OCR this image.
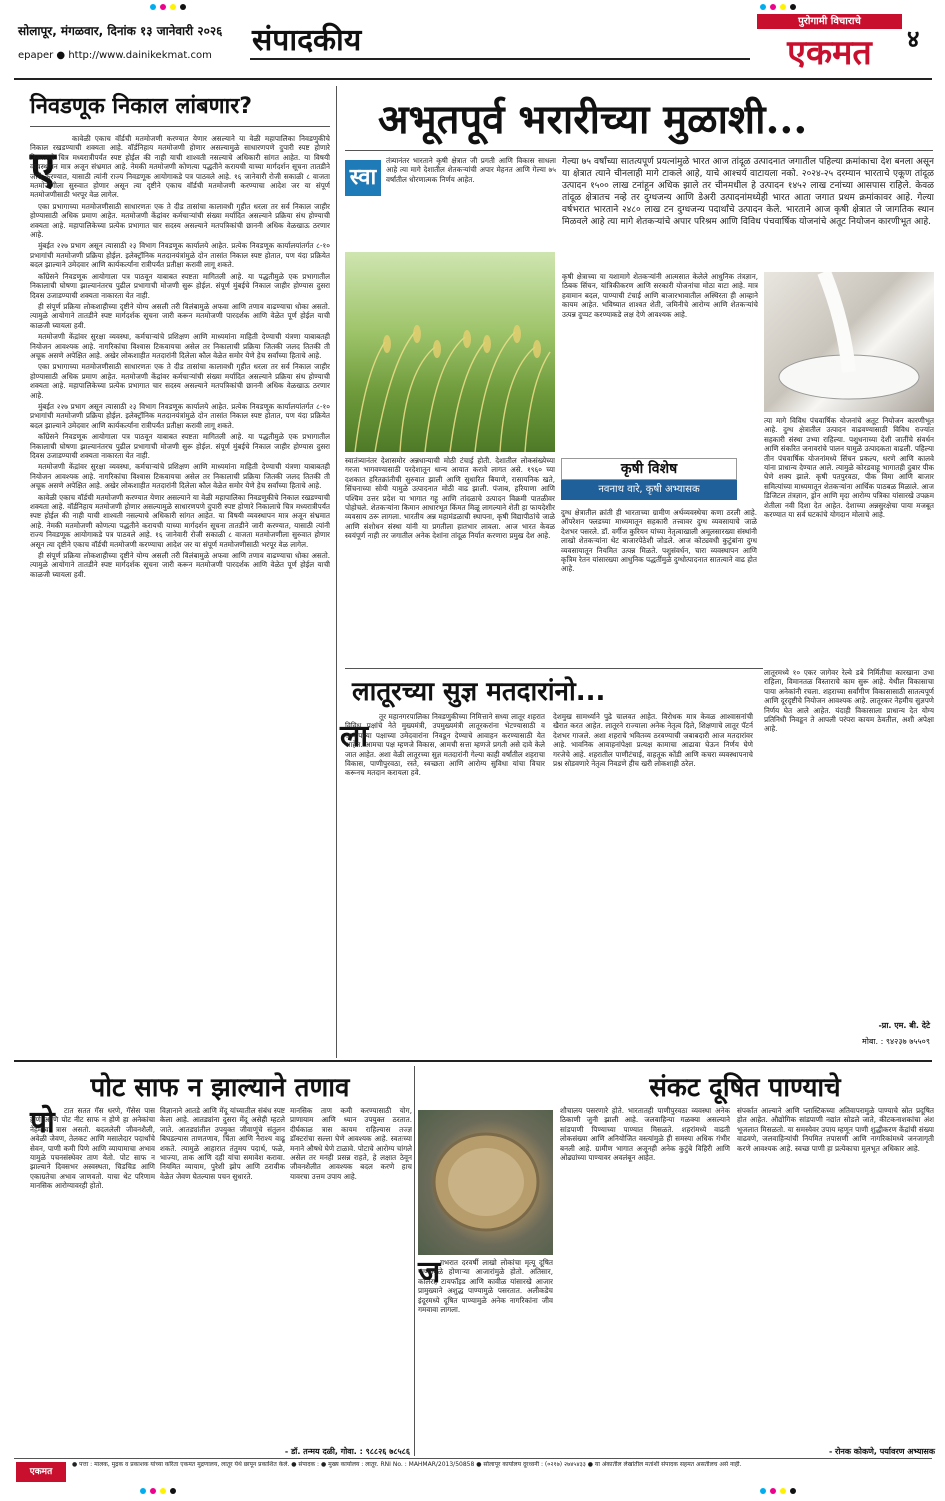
सोलापूर, मंगळवार, दिनांक १३ जानेवारी २०२६
epaper ● http://www.dainikekmat.com संपादकीय
पुरोगामी विचाराचे
एकमत	४
निवडणूक निकाल लांबणार?
ए

कावेळी एकाच वॉर्डची मतमोजणी करण्यात येणार असल्याने या वेळी महापालिका निवडणुकीचे निकाल रखडण्याची शक्यता आहे. वॉर्डनिहाय मतमोजणी होणार असल्यामुळे साधारणपणे दुपारी स्पष्ट होणारे निकालाचे चित्र मध्यरात्रीपर्यंत स्पष्ट होईल की नाही याची शाश्वती नसल्याचे अधिकारी सांगत आहेत. या विषयी व्यवस्थापन मात्र अजून संभ्रमात आहे. नेमकी मतमोजणी कोणत्या पद्धतीने करायची याच्या मार्गदर्शन सूचना तातडीने जारी करण्यात, यासाठी त्यांनी राज्य निवडणूक आयोगाकडे पत्र पाठवले आहे. १६ जानेवारी रोजी सकाळी ८ वाजता मतमोजणीला सुरुवात होणार असून त्या दृष्टीने एकाच वॉर्डची मतमोजणी करण्याचा आदेश जर या संपूर्ण मतमोजणीसाठी भरपूर वेळ लागेल.

एका प्रभागाच्या मतमोजणीसाठी साधारणतः एक ते दीड तासांचा कालावधी गृहीत धरला तर सर्व निकाल जाहीर होण्यासाठी अधिक प्रमाण आहेत. मतमोजणी केंद्रांवर कर्मचाऱ्यांची संख्या मर्यादित असल्याने प्रक्रिया संथ होण्याची शक्यता आहे. महापालिकेच्या प्रत्येक प्रभागात चार सदस्य असल्याने मतपत्रिकांची छाननी अधिक वेळखाऊ ठरणार आहे.

मुंबईत २२७ प्रभाग असून त्यासाठी २३ विभाग निवडणूक कार्यालये आहेत. प्रत्येक निवडणूक कार्यालयांतर्गत ८-१० प्रभागांची मतमोजणी प्रक्रिया होईल. इलेक्ट्रॉनिक मतदानयंत्रांमुळे दोन तासांत निकाल स्पष्ट होतात, पण यंदा प्रक्रियेत बदल झाल्याने उमेदवार आणि कार्यकर्त्यांना रात्रीपर्यंत प्रतीक्षा करावी लागू शकते.

कॉंग्रेसने निवडणूक आयोगाला पत्र पाठवून याबाबत स्पष्टता मागितली आहे. या पद्धतीमुळे एक प्रभागातील निकालाची घोषणा झाल्यानंतरच पुढील प्रभागाची मोजणी सुरू होईल. संपूर्ण मुंबईचे निकाल जाहीर होण्यास दुसरा दिवस उजाडण्याची शक्यता नाकारता येत नाही.

ही संपूर्ण प्रक्रिया लोकशाहीच्या दृष्टीने योग्य असली तरी विलंबामुळे अफवा आणि तणाव वाढण्याचा धोका असतो. त्यामुळे आयोगाने तातडीने स्पष्ट मार्गदर्शक सूचना जारी करून मतमोजणी पारदर्शक आणि वेळेत पूर्ण होईल याची काळजी घ्यायला हवी.

मतमोजणी केंद्रांवर सुरक्षा व्यवस्था, कर्मचाऱ्यांचे प्रशिक्षण आणि माध्यमांना माहिती देण्याची यंत्रणा याबाबतही नियोजन आवश्यक आहे. नागरिकांचा विश्वास टिकवायचा असेल तर निकालाची प्रक्रिया जितकी जलद तितकी ती अचूक असणे अपेक्षित आहे. अखेर लोकशाहीत मतदारांनी दिलेला कौल वेळेत समोर येणे हेच सर्वांच्या हिताचे आहे.

एका प्रभागाच्या मतमोजणीसाठी साधारणतः एक ते दीड तासांचा कालावधी गृहीत धरला तर सर्व निकाल जाहीर होण्यासाठी अधिक प्रमाण आहेत. मतमोजणी केंद्रांवर कर्मचाऱ्यांची संख्या मर्यादित असल्याने प्रक्रिया संथ होण्याची शक्यता आहे. महापालिकेच्या प्रत्येक प्रभागात चार सदस्य असल्याने मतपत्रिकांची छाननी अधिक वेळखाऊ ठरणार आहे.

मुंबईत २२७ प्रभाग असून त्यासाठी २३ विभाग निवडणूक कार्यालये आहेत. प्रत्येक निवडणूक कार्यालयांतर्गत ८-१० प्रभागांची मतमोजणी प्रक्रिया होईल. इलेक्ट्रॉनिक मतदानयंत्रांमुळे दोन तासांत निकाल स्पष्ट होतात, पण यंदा प्रक्रियेत बदल झाल्याने उमेदवार आणि कार्यकर्त्यांना रात्रीपर्यंत प्रतीक्षा करावी लागू शकते.

कॉंग्रेसने निवडणूक आयोगाला पत्र पाठवून याबाबत स्पष्टता मागितली आहे. या पद्धतीमुळे एक प्रभागातील निकालाची घोषणा झाल्यानंतरच पुढील प्रभागाची मोजणी सुरू होईल. संपूर्ण मुंबईचे निकाल जाहीर होण्यास दुसरा दिवस उजाडण्याची शक्यता नाकारता येत नाही.

मतमोजणी केंद्रांवर सुरक्षा व्यवस्था, कर्मचाऱ्यांचे प्रशिक्षण आणि माध्यमांना माहिती देण्याची यंत्रणा याबाबतही नियोजन आवश्यक आहे. नागरिकांचा विश्वास टिकवायचा असेल तर निकालाची प्रक्रिया जितकी जलद तितकी ती अचूक असणे अपेक्षित आहे. अखेर लोकशाहीत मतदारांनी दिलेला कौल वेळेत समोर येणे हेच सर्वांच्या हिताचे आहे.

कावेळी एकाच वॉर्डची मतमोजणी करण्यात येणार असल्याने या वेळी महापालिका निवडणुकीचे निकाल रखडण्याची शक्यता आहे. वॉर्डनिहाय मतमोजणी होणार असल्यामुळे साधारणपणे दुपारी स्पष्ट होणारे निकालाचे चित्र मध्यरात्रीपर्यंत स्पष्ट होईल की नाही याची शाश्वती नसल्याचे अधिकारी सांगत आहेत. या विषयी व्यवस्थापन मात्र अजून संभ्रमात आहे. नेमकी मतमोजणी कोणत्या पद्धतीने करायची याच्या मार्गदर्शन सूचना तातडीने जारी करण्यात, यासाठी त्यांनी राज्य निवडणूक आयोगाकडे पत्र पाठवले आहे. १६ जानेवारी रोजी सकाळी ८ वाजता मतमोजणीला सुरुवात होणार असून त्या दृष्टीने एकाच वॉर्डची मतमोजणी करण्याचा आदेश जर या संपूर्ण मतमोजणीसाठी भरपूर वेळ लागेल.

ही संपूर्ण प्रक्रिया लोकशाहीच्या दृष्टीने योग्य असली तरी विलंबामुळे अफवा आणि तणाव वाढण्याचा धोका असतो. त्यामुळे आयोगाने तातडीने स्पष्ट मार्गदर्शक सूचना जारी करून मतमोजणी पारदर्शक आणि वेळेत पूर्ण होईल याची काळजी घ्यायला हवी.

अभूतपूर्व भरारीच्या मुळाशी...
स्वा
तंत्र्यानंतर भारताने कृषी क्षेत्रात जी प्रगती आणि विकास साधला आहे त्या मागे देशातील शेतकऱ्यांची अपार मेहनत आणि गेल्या ७५ वर्षांतील धोरणात्मक निर्णय आहेत.
गेल्या ७५ वर्षांच्या सातत्यपूर्ण प्रयत्नांमुळे भारत आज तांदूळ उत्पादनात जगातील पहिल्या क्रमांकाचा देश बनला असून या क्षेत्रात त्याने चीनलाही मागे टाकले आहे, याचे आश्चर्य वाटायला नको. २०२४-२५ दरम्यान भारताचे एकूण तांदूळ उत्पादन १५०० लाख टनांहून अधिक झाले तर चीनमधील हे उत्पादन १४५२ लाख टनांच्या आसपास राहिले. केवळ तांदूळ क्षेत्रातच नव्हे तर दुग्धजन्य आणि डेअरी उत्पादनांमध्येही भारत आता जगात प्रथम क्रमांकावर आहे. गेल्या वर्षभरात भारताने २४८० लाख टन दुग्धजन्य पदार्थांचे उत्पादन केले. भारताने आज कृषी क्षेत्रात जे जागतिक स्थान मिळवले आहे त्या मागे शेतकऱ्यांचे अपार परिश्रम आणि विविध पंचवार्षिक योजनांचे अतूट नियोजन कारणीभूत आहे.
कृषी क्षेत्राच्या या यशामागे शेतकऱ्यांनी आत्मसात केलेले आधुनिक तंत्रज्ञान, ठिबक सिंचन, यांत्रिकीकरण आणि सरकारी योजनांचा मोठा वाटा आहे. मात्र हवामान बदल, पाण्याची टंचाई आणि बाजारभावातील अस्थिरता ही आव्हाने कायम आहेत. भविष्यात शाश्वत शेती, जमिनीचे आरोग्य आणि शेतकऱ्यांचे उत्पन्न दुप्पट करण्याकडे लक्ष देणे आवश्यक आहे.
स्वातंत्र्यानंतर देशासमोर अन्नधान्याची मोठी टंचाई होती. देशातील लोकसंख्येच्या गरजा भागवण्यासाठी परदेशातून धान्य आयात करावे लागत असे. १९६० च्या दशकात हरितक्रांतीची सुरुवात झाली आणि सुधारित बियाणे, रासायनिक खते, सिंचनाच्या सोयी यामुळे उत्पादनात मोठी वाढ झाली. पंजाब, हरियाणा आणि पश्चिम उत्तर प्रदेश या भागात गहू आणि तांदळाचे उत्पादन विक्रमी पातळीवर पोहोचले. शेतकऱ्यांना किमान आधारभूत किंमत मिळू लागल्याने शेती हा फायदेशीर व्यवसाय ठरू लागला. भारतीय अन्न महामंडळाची स्थापना, कृषी विद्यापीठांचे जाळे आणि संशोधन संस्था यांनी या प्रगतीला हातभार लावला. आज भारत केवळ स्वयंपूर्ण नाही तर जगातील अनेक देशांना तांदूळ निर्यात करणारा प्रमुख देश आहे.
कृषी विशेष
नवनाथ वारे, कृषी अभ्यासक
दुग्ध क्षेत्रातील क्रांती ही भारताच्या ग्रामीण अर्थव्यवस्थेचा कणा ठरली आहे. ऑपरेशन फ्लडच्या माध्यमातून सहकारी तत्त्वावर दुग्ध व्यवसायाचे जाळे देशभर पसरले. डॉ. वर्गीज कुरियन यांच्या नेतृत्वाखाली अमूलसारख्या संस्थांनी लाखो शेतकऱ्यांना थेट बाजारपेठेशी जोडले. आज कोट्यवधी कुटुंबांना दुग्ध व्यवसायातून नियमित उत्पन्न मिळते. पशुसंवर्धन, चारा व्यवस्थापन आणि कृत्रिम रेतन यांसारख्या आधुनिक पद्धतींमुळे दुग्धोत्पादनात सातत्याने वाढ होत आहे.
त्या मागे विविध पंचवार्षिक योजनांचे अतूट नियोजन कारणीभूत आहे. दुग्ध क्षेत्रातील उत्पादन वाढवण्यासाठी विविध राज्यांत सहकारी संस्था उभ्या राहिल्या. पशुधनाच्या देशी जातींचे संवर्धन आणि संकरित जनावरांचे पालन यामुळे उत्पादकता वाढली. पहिल्या तीन पंचवार्षिक योजनांमध्ये सिंचन प्रकल्प, धरणे आणि कालवे यांना प्राधान्य देण्यात आले. त्यामुळे कोरडवाहू भागातही दुबार पीक घेणे शक्य झाले. कृषी पतपुरवठा, पीक विमा आणि बाजार समित्यांच्या माध्यमातून शेतकऱ्यांना आर्थिक पाठबळ मिळाले. आज डिजिटल तंत्रज्ञान, ड्रोन आणि मृदा आरोग्य पत्रिका यांसारखे उपक्रम शेतीला नवी दिशा देत आहेत. देशाच्या अन्नसुरक्षेचा पाया मजबूत करण्यात या सर्व घटकांचे योगदान मोलाचे आहे.
लातूरच्या सुज्ञ मतदारांनो...
ला
तूर महानगरपालिका निवडणुकीच्या निमित्ताने सध्या लातूर शहरात विविध पक्षांचे नेते मुख्यमंत्री, उपमुख्यमंत्री लातूरकरांना भेटण्यासाठी व आपापल्या पक्षाच्या उमेदवारांना निवडून देण्याचे आवाहन करण्यासाठी येत आहेत. आमचा पक्ष म्हणजे विकास, आमची सत्ता म्हणजे प्रगती असे दावे केले जात आहेत. अशा वेळी लातूरच्या सुज्ञ मतदारांनी गेल्या काही वर्षांतील शहराचा विकास, पाणीपुरवठा, रस्ते, स्वच्छता आणि आरोग्य सुविधा यांचा विचार करूनच मतदान करायला हवे.
देशमुख सामर्थ्याने पुढे चालवत आहेत. विरोधक मात्र केवळ आश्वासनांची खैरात करत आहेत. लातूरने राज्याला अनेक नेतृत्व दिले, शिक्षणाचे लातूर पॅटर्न देशभर गाजले. अशा शहराचे भवितव्य ठरवण्याची जबाबदारी आज मतदारांवर आहे. भावनिक आवाहनांपेक्षा प्रत्यक्ष कामाचा आढावा घेऊन निर्णय घेणे गरजेचे आहे. शहरातील पाणीटंचाई, वाहतूक कोंडी आणि कचरा व्यवस्थापनाचे प्रश्न सोडवणारे नेतृत्व निवडणे हीच खरी लोकशाही ठरेल.
लातूरमध्ये १० एकर जागेवर रेल्वे डबे निर्मितीचा कारखाना उभा राहिला, विमानतळ विस्ताराचे काम सुरू आहे. येथील विकासाचा पाया अनेकांनी रचला. शहराच्या सर्वांगीण विकासासाठी सातत्यपूर्ण आणि दूरदृष्टीचे नियोजन आवश्यक आहे. लातूरकर नेहमीच सुज्ञपणे निर्णय घेत आले आहेत. यंदाही विकासाला प्राधान्य देत योग्य प्रतिनिधी निवडून ते आपली परंपरा कायम ठेवतील, अशी अपेक्षा आहे.
-प्रा. एम. बी. देटे
मोबा. : ९४२३७ ७५५०९
पोट साफ न झाल्याने तणाव
पो	टात सतत गॅस धरणे, गॅसेस पास होणे आणि पोट नीट साफ न होणे हा अनेकांचा नेहमीचा त्रास असतो. बदललेली जीवनशैली, अवेळी जेवण, तेलकट आणि मसालेदार पदार्थांचे सेवन, पाणी कमी पिणे आणि व्यायामाचा अभाव यामुळे पचनसंस्थेवर ताण येतो. पोट साफ न झाल्याने दिवसभर अस्वस्थता, चिडचिड आणि एकाग्रतेचा अभाव जाणवतो. याचा थेट परिणाम मानसिक आरोग्यावरही होतो.
विज्ञानाने आतडे आणि मेंदू यांच्यातील संबंध स्पष्ट केला आहे. आतड्यांना दुसरा मेंदू असेही म्हटले जाते. आतड्यांतील उपयुक्त जीवाणूंचे संतुलन बिघडल्यास ताणतणाव, चिंता आणि नैराश्य वाढू शकते. त्यामुळे आहारात तंतुमय पदार्थ, फळे, भाज्या, ताक आणि दही यांचा समावेश करावा. नियमित व्यायाम, पुरेशी झोप आणि ठरावीक वेळेत जेवण घेतल्यास पचन सुधारते.
मानसिक ताण कमी करण्यासाठी योग, प्राणायाम आणि ध्यान उपयुक्त ठरतात. दीर्घकाळ त्रास कायम राहिल्यास तज्ज्ञ डॉक्टरांचा सल्ला घेणे आवश्यक आहे. स्वतःच्या मनाने औषधे घेणे टाळावे. पोटाचे आरोग्य चांगले असेल तर मनही प्रसन्न राहते, हे लक्षात ठेवून जीवनशैलीत आवश्यक बदल करणे हाच यावरचा उत्तम उपाय आहे.
- डॉ. तन्मय दळी, गोवा. : ९८८२६ ७८५८६
संकट दूषित पाण्याचे
ज गभरात दरवर्षी लाखो लोकांचा मृत्यू दूषित पाण्यामुळे होणाऱ्या आजारांमुळे होतो. अतिसार, कॉलरा, टायफॉइड आणि कावीळ यांसारखे आजार प्रामुख्याने अशुद्ध पाण्यामुळे पसरतात. अलीकडेच इंदूरमध्ये दूषित पाण्यामुळे अनेक नागरिकांना जीव गमवावा लागला.
शौचालय पसरणारे होते. भारतातही पाणीपुरवठा व्यवस्था अनेक ठिकाणी जुनी झाली आहे. जलवाहिन्या गळक्या असल्याने सांडपाणी पिण्याच्या पाण्यात मिसळते. शहरांमध्ये वाढती लोकसंख्या आणि अनियोजित वस्त्यांमुळे ही समस्या अधिक गंभीर बनली आहे. ग्रामीण भागात अजूनही अनेक कुटुंबे विहिरी आणि ओढ्यांच्या पाण्यावर अवलंबून आहेत.
संपर्कात आल्याने आणि प्लास्टिकच्या अतिवापरामुळे पाण्याचे स्रोत प्रदूषित होत आहेत. औद्योगिक सांडपाणी नद्यांत सोडले जाते, कीटकनाशकांचा अंश भूजलात मिसळतो. या समस्येवर उपाय म्हणून पाणी शुद्धीकरण केंद्रांची संख्या वाढवणे, जलवाहिन्यांची नियमित तपासणी आणि नागरिकांमध्ये जनजागृती करणे आवश्यक आहे. स्वच्छ पाणी हा प्रत्येकाचा मूलभूत अधिकार आहे.
- रोनक कोकणे, पर्यावरण अभ्यासक
एकमत
● पत्ता : मालक, मुद्रक व प्रकाशक यांच्या करिता एकमत मुद्रणालय, लातूर येथे छापून प्रकाशित केले. ● संपादक : ● मुख्य कार्यालय : लातूर. RNI No. : MAHMAR/2013/50858 ● सोलापूर कार्यालय दूरध्वनी : (०२१७) २७४५४३३ ● या अंकातील लेखांतील मतांशी संपादक सहमत असतीलच असे नाही.
